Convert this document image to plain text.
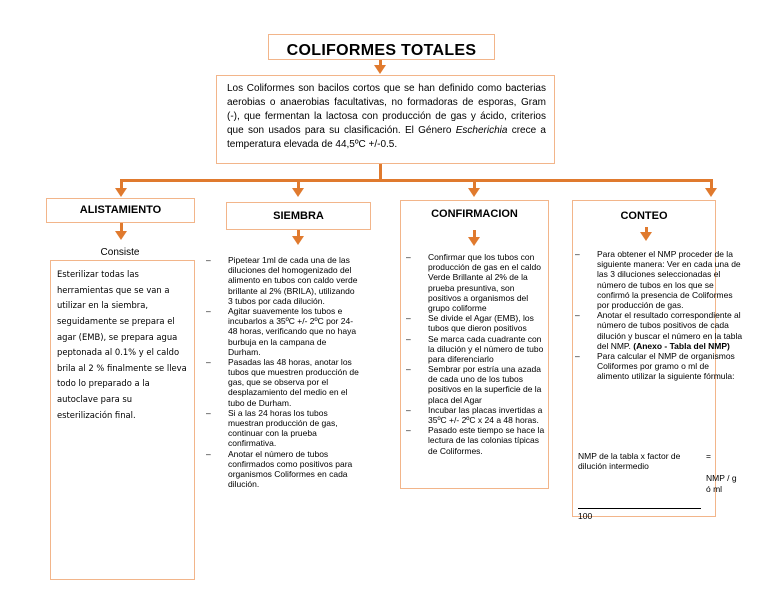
COLIFORMES TOTALES
Los Coliformes son bacilos cortos que se han definido como bacterias aerobias o anaerobias facultativas, no formadoras de esporas, Gram (-), que fermentan la lactosa con producción de gas y ácido, criterios que son usados para su clasificación. El Género Escherichia crece a temperatura elevada de 44,5ºC +/-0.5.
ALISTAMIENTO
Consiste
Esterilizar todas las herramientas que se van a utilizar en la siembra, seguidamente se prepara el agar (EMB), se prepara agua peptonada al 0.1% y el caldo brila al 2 % finalmente se lleva todo lo preparado a la autoclave para su esterilización final.
SIEMBRA
– Pipetear 1ml de cada una de las diluciones del homogenizado del alimento en tubos con caldo verde brillante al 2% (BRILA), utilizando 3 tubos por cada dilución.
– Agitar suavemente los tubos e incubarlos a 35ºC +/- 2ºC por 24-48 horas, verificando que no haya burbuja en la campana de Durham.
– Pasadas las 48 horas, anotar los tubos que muestren producción de gas, que se observa por el desplazamiento del medio en el tubo de Durham.
– Si a las 24 horas los tubos muestran producción de gas, continuar con la prueba confirmativa.
– Anotar el número de tubos confirmados como positivos para organismos Coliformes en cada dilución.
CONFIRMACION
– Confirmar que los tubos con producción de gas en el caldo Verde Brillante al 2% de la prueba presuntiva, son positivos a organismos del grupo coliforme
– Se divide el Agar (EMB), los tubos que dieron positivos
– Se marca cada cuadrante con la dilución y el número de tubo para diferenciarlo
– Sembrar por estría una azada de cada uno de los tubos positivos en la superficie de la placa del Agar
– Incubar las placas invertidas a 35ºC +/- 2ºC x 24 a 48 horas.
– Pasado este tiempo se hace la lectura de las colonias típicas de Coliformes.
CONTEO
– Para obtener el NMP proceder de la siguiente manera: Ver en cada una de las 3 diluciones seleccionadas el número de tubos en los que se confirmó la presencia de Coliformes por producción de gas.
– Anotar el resultado correspondiente al número de tubos positivos de cada dilución y buscar el número en la tabla del NMP. (Anexo - Tabla del NMP)
– Para calcular el NMP de organismos Coliformes por gramo o ml de alimento utilizar la siguiente fórmula:
NMP de la tabla x factor de dilución intermedio
=
NMP / g
ó ml
100
